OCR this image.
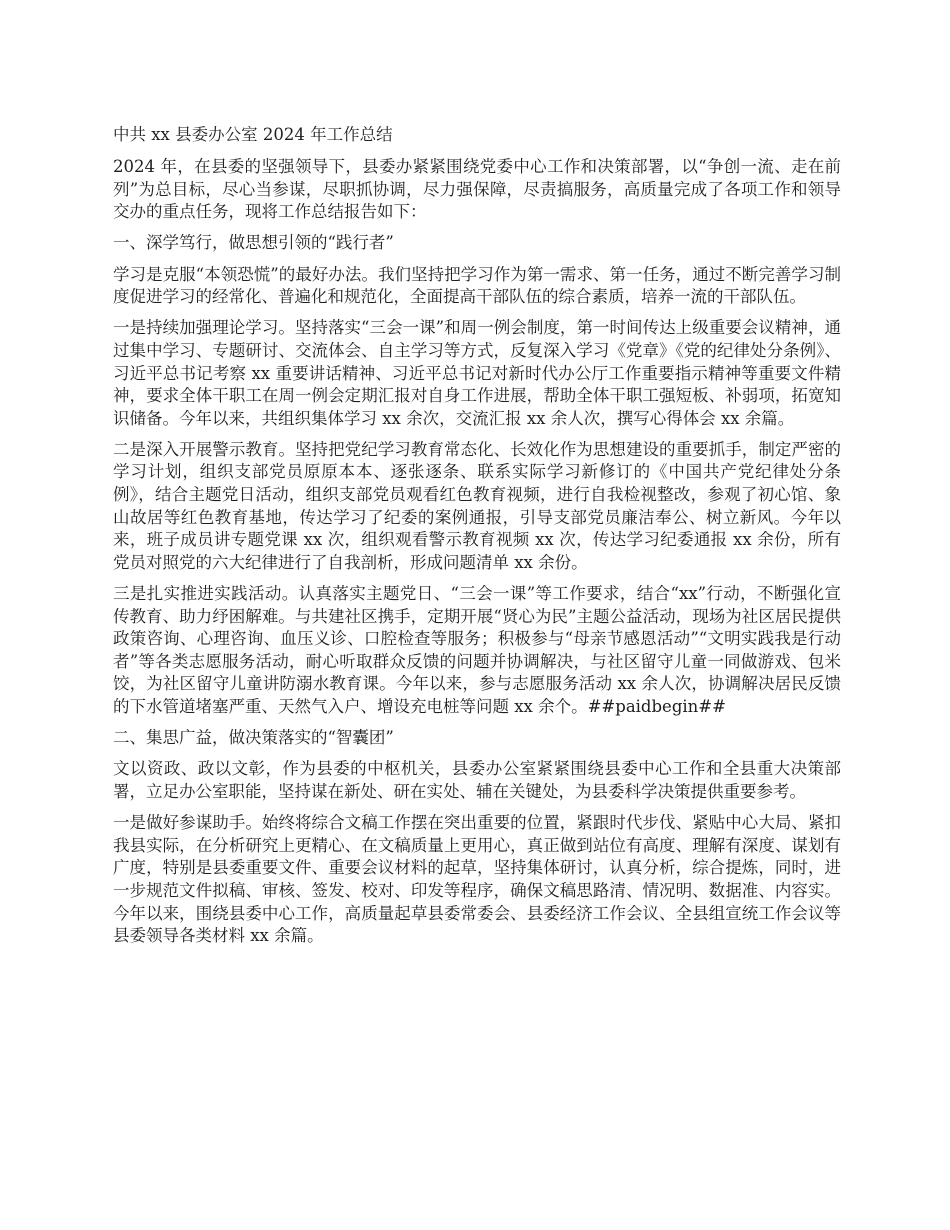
中共 xx 县委办公室 2024 年工作总结
2024 年，在县委的坚强领导下，县委办紧紧围绕党委中心工作和决策部署，以“争创一流、走在前列”为总目标，尽心当参谋，尽职抓协调，尽力强保障，尽责搞服务，高质量完成了各项工作和领导交办的重点任务，现将工作总结报告如下：
一、深学笃行，做思想引领的“践行者”
学习是克服“本领恐慌”的最好办法。我们坚持把学习作为第一需求、第一任务，通过不断完善学习制度促进学习的经常化、普遍化和规范化，全面提高干部队伍的综合素质，培养一流的干部队伍。
一是持续加强理论学习。坚持落实“三会一课”和周一例会制度，第一时间传达上级重要会议精神，通过集中学习、专题研讨、交流体会、自主学习等方式，反复深入学习《党章》《党的纪律处分条例》、习近平总书记考察 xx 重要讲话精神、习近平总书记对新时代办公厅工作重要指示精神等重要文件精神，要求全体干职工在周一例会定期汇报对自身工作进展，帮助全体干职工强短板、补弱项，拓宽知识储备。今年以来，共组织集体学习 xx 余次，交流汇报 xx 余人次，撰写心得体会 xx 余篇。
二是深入开展警示教育。坚持把党纪学习教育常态化、长效化作为思想建设的重要抓手，制定严密的学习计划，组织支部党员原原本本、逐张逐条、联系实际学习新修订的《中国共产党纪律处分条例》，结合主题党日活动，组织支部党员观看红色教育视频，进行自我检视整改，参观了初心馆、象山故居等红色教育基地，传达学习了纪委的案例通报，引导支部党员廉洁奉公、树立新风。今年以来，班子成员讲专题党课 xx 次，组织观看警示教育视频 xx 次，传达学习纪委通报 xx 余份，所有党员对照党的六大纪律进行了自我剖析，形成问题清单 xx 余份。
三是扎实推进实践活动。认真落实主题党日、“三会一课”等工作要求，结合“xx”行动，不断强化宣传教育、助力纾困解难。与共建社区携手，定期开展“贤心为民”主题公益活动，现场为社区居民提供政策咨询、心理咨询、血压义诊、口腔检查等服务；积极参与“母亲节感恩活动”“文明实践我是行动者”等各类志愿服务活动，耐心听取群众反馈的问题并协调解决，与社区留守儿童一同做游戏、包米饺，为社区留守儿童讲防溺水教育课。今年以来，参与志愿服务活动 xx 余人次，协调解决居民反馈的下水管道堵塞严重、天然气入户、增设充电桩等问题 xx 余个。##paidbegin##
二、集思广益，做决策落实的“智囊团”
文以资政、政以文彰，作为县委的中枢机关，县委办公室紧紧围绕县委中心工作和全县重大决策部署，立足办公室职能，坚持谋在新处、研在实处、辅在关键处，为县委科学决策提供重要参考。
一是做好参谋助手。始终将综合文稿工作摆在突出重要的位置，紧跟时代步伐、紧贴中心大局、紧扣我县实际，在分析研究上更精心、在文稿质量上更用心，真正做到站位有高度、理解有深度、谋划有广度，特别是县委重要文件、重要会议材料的起草，坚持集体研讨，认真分析，综合提炼，同时，进一步规范文件拟稿、审核、签发、校对、印发等程序，确保文稿思路清、情况明、数据准、内容实。今年以来，围绕县委中心工作，高质量起草县委常委会、县委经济工作会议、全县组宣统工作会议等县委领导各类材料 xx 余篇。
